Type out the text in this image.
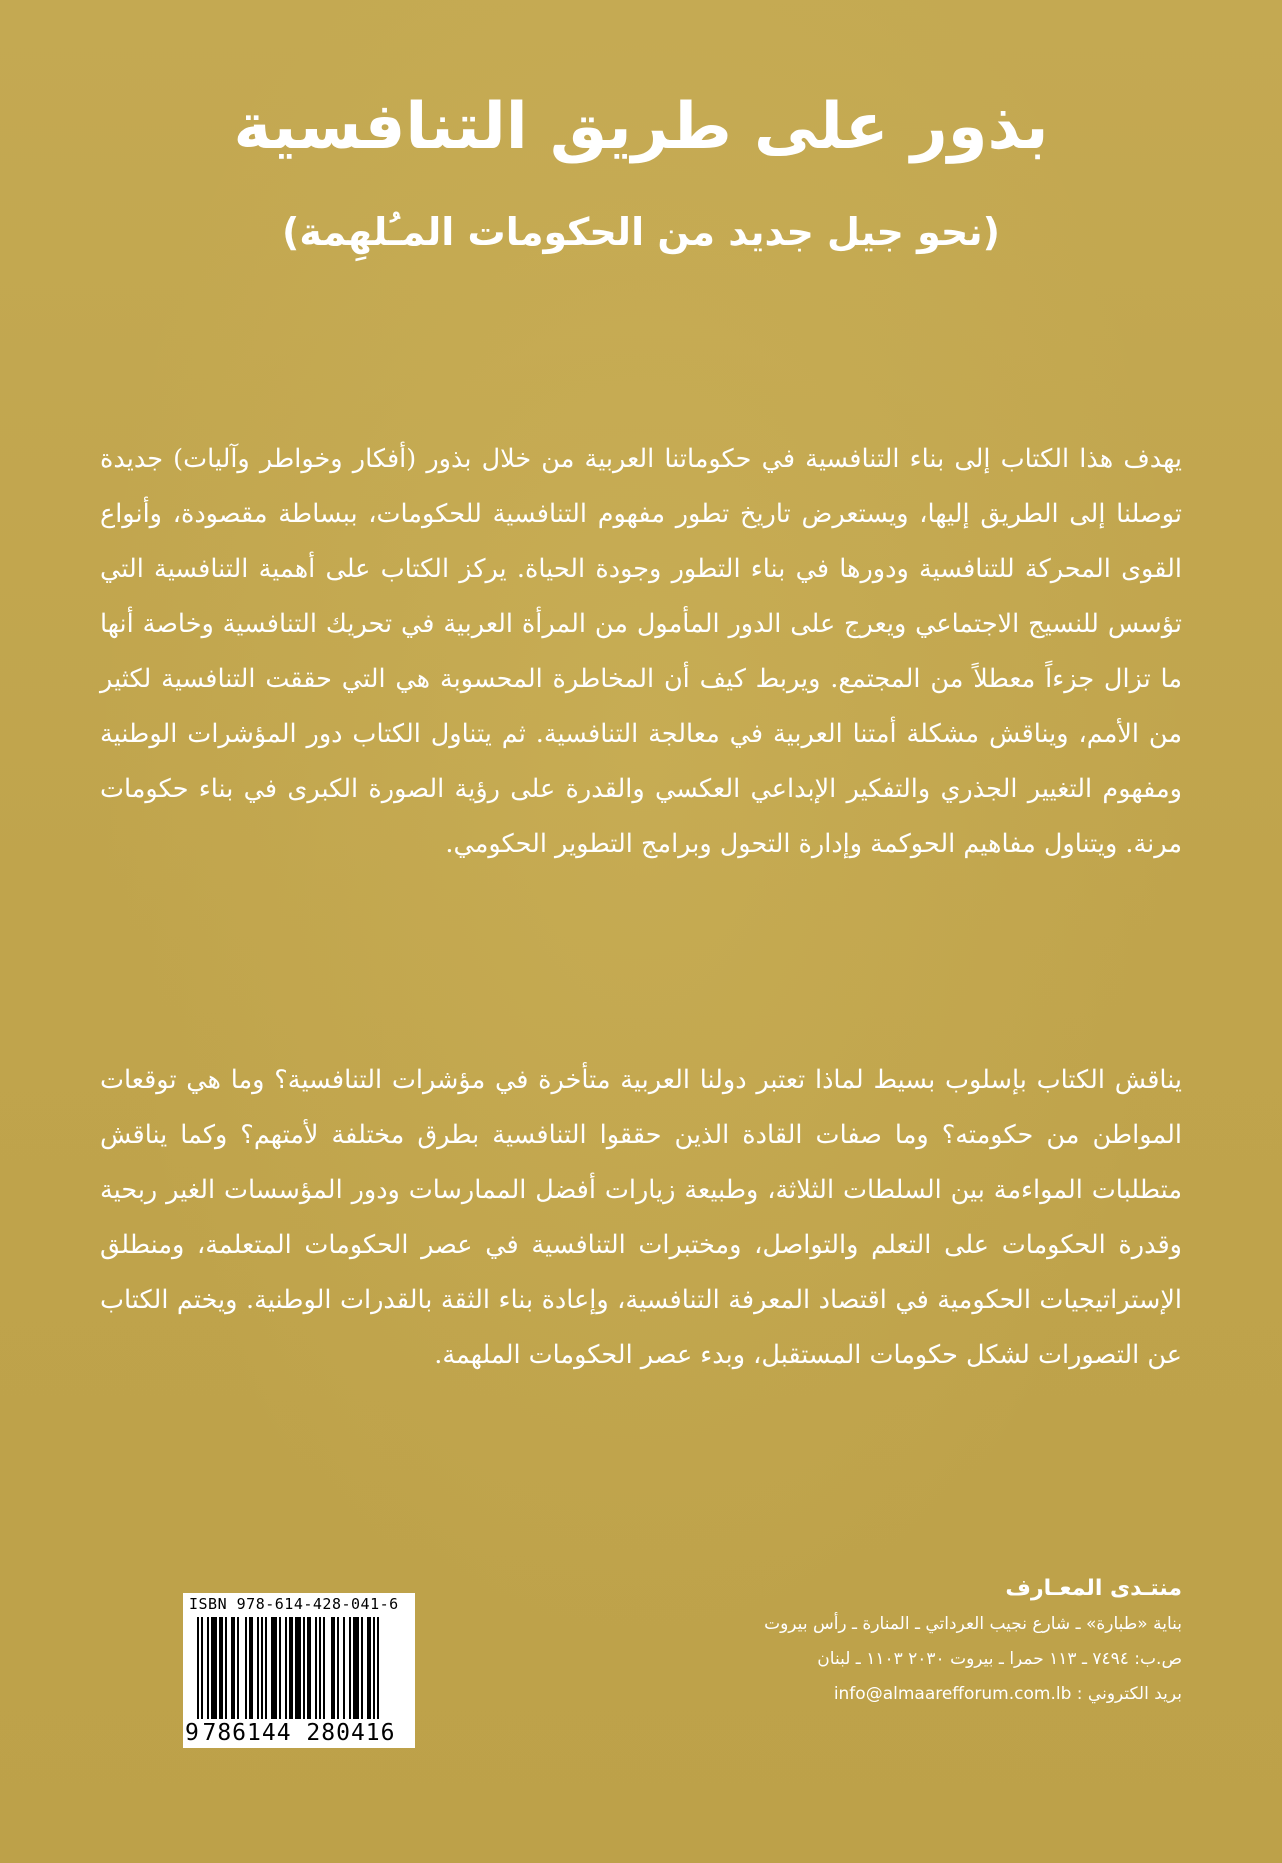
بذور على طريق التنافسية
(نحو جيل جديد من الحكومات المـُلهِمة)
يهدف هذا الكتاب إلى بناء التنافسية في حكوماتنا العربية من خلال بذور (أفكار وخواطر وآليات) جديدة توصلنا إلى الطريق إليها، ويستعرض تاريخ تطور مفهوم التنافسية للحكومات، ببساطة مقصودة، وأنواع القوى المحركة للتنافسية ودورها في بناء التطور وجودة الحياة. يركز الكتاب على أهمية التنافسية التي تؤسس للنسيج الاجتماعي ويعرج على الدور المأمول من المرأة العربية في تحريك التنافسية وخاصة أنها ما تزال جزءاً معطلاً من المجتمع. ويربط كيف أن المخاطرة المحسوبة هي التي حققت التنافسية لكثير من الأمم، ويناقش مشكلة أمتنا العربية في معالجة التنافسية. ثم يتناول الكتاب دور المؤشرات الوطنية ومفهوم التغيير الجذري والتفكير الإبداعي العكسي والقدرة على رؤية الصورة الكبرى في بناء حكومات مرنة. ويتناول مفاهيم الحوكمة وإدارة التحول وبرامج التطوير الحكومي.
يناقش الكتاب بإسلوب بسيط لماذا تعتبر دولنا العربية متأخرة في مؤشرات التنافسية؟ وما هي توقعات المواطن من حكومته؟ وما صفات القادة الذين حققوا التنافسية بطرق مختلفة لأمتهم؟ وكما يناقش متطلبات المواءمة بين السلطات الثلاثة، وطبيعة زيارات أفضل الممارسات ودور المؤسسات الغير ربحية وقدرة الحكومات على التعلم والتواصل، ومختبرات التنافسية في عصر الحكومات المتعلمة، ومنطلق الإستراتيجيات الحكومية في اقتصاد المعرفة التنافسية، وإعادة بناء الثقة بالقدرات الوطنية. ويختم الكتاب عن التصورات لشكل حكومات المستقبل، وبدء عصر الحكومات الملهمة.
منتـدى المعـارف
بناية «طبارة» ـ شارع نجيب العرداتي ـ المنارة ـ رأس بيروت
ص.ب: ٧٤٩٤ ـ ١١٣ حمرا ـ بيروت ٢٠٣٠ ١١٠٣ ـ لبنان
بريد الكتروني : info@almaarefforum.com.lb
ISBN 978-614-428-041-6
9 786144 280416
